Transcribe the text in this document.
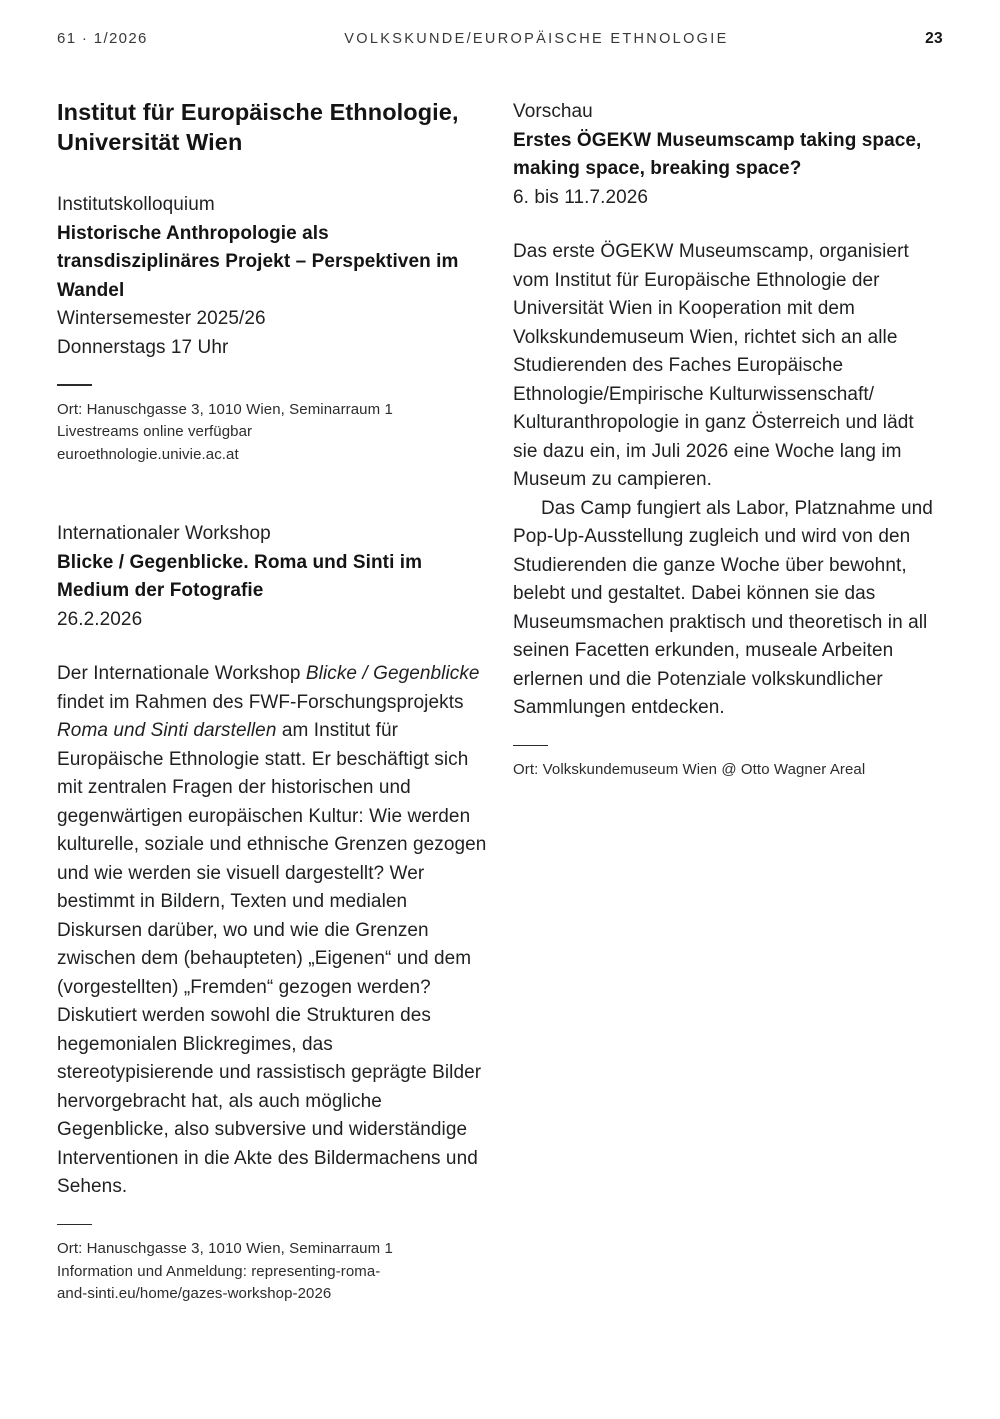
61 · 1/2026	VOLKSKUNDE/EUROPÄISCHE ETHNOLOGIE	23
Institut für Europäische Ethnologie, Universität Wien

Institutskolloquium

Historische Anthropologie als transdisziplinäres Projekt – Perspektiven im Wandel

Wintersemester 2025/26

Donnerstags 17 Uhr

Ort: Hanuschgasse 3, 1010 Wien, Seminarraum 1

Livestreams online verfügbar

euroethnologie.univie.ac.at

Internationaler Workshop

Blicke / Gegenblicke. Roma und Sinti im Medium der Fotografie

26.2.2026

Der Internationale Workshop Blicke / Gegenblicke findet im Rahmen des FWF-Forschungsprojekts Roma und Sinti darstellen am Institut für Europäische Ethnologie statt. Er beschäftigt sich mit zentralen Fragen der historischen und gegenwärtigen europäischen Kultur: Wie werden kulturelle, soziale und ethnische Grenzen gezogen und wie werden sie visuell dargestellt? Wer bestimmt in Bildern, Texten und medialen Diskursen darüber, wo und wie die Grenzen zwischen dem (behaupteten) „Eigenen“ und dem (vorgestellten) „Fremden“ gezogen werden? Diskutiert werden sowohl die Strukturen des hegemonialen Blickregimes, das stereotypisierende und rassistisch geprägte Bilder hervorgebracht hat, als auch mögliche Gegenblicke, also subversive und widerständige Interventionen in die Akte des Bildermachens und Sehens.

Ort: Hanuschgasse 3, 1010 Wien, Seminarraum 1

Information und Anmeldung: representing-roma-

and-sinti.eu/home/gazes-workshop-2026

Vorschau

Erstes ÖGEKW Museumscamp taking space, making space, breaking space?

6. bis 11.7.2026

Das erste ÖGEKW Museumscamp, organisiert vom Institut für Europäische Ethnologie der Universität Wien in Kooperation mit dem Volkskundemuseum Wien, richtet sich an alle Studierenden des Faches Europäische Ethnologie/Empirische Kulturwissenschaft/ Kulturanthropologie in ganz Österreich und lädt sie dazu ein, im Juli 2026 eine Woche lang im Museum zu campieren.

Das Camp fungiert als Labor, Platznahme und Pop-Up-Ausstellung zugleich und wird von den Studierenden die ganze Woche über bewohnt, belebt und gestaltet. Dabei können sie das Museumsmachen praktisch und theoretisch in all seinen Facetten erkunden, museale Arbeiten erlernen und die Potenziale volkskundlicher Sammlungen entdecken.

Ort: Volkskundemuseum Wien @ Otto Wagner Areal
